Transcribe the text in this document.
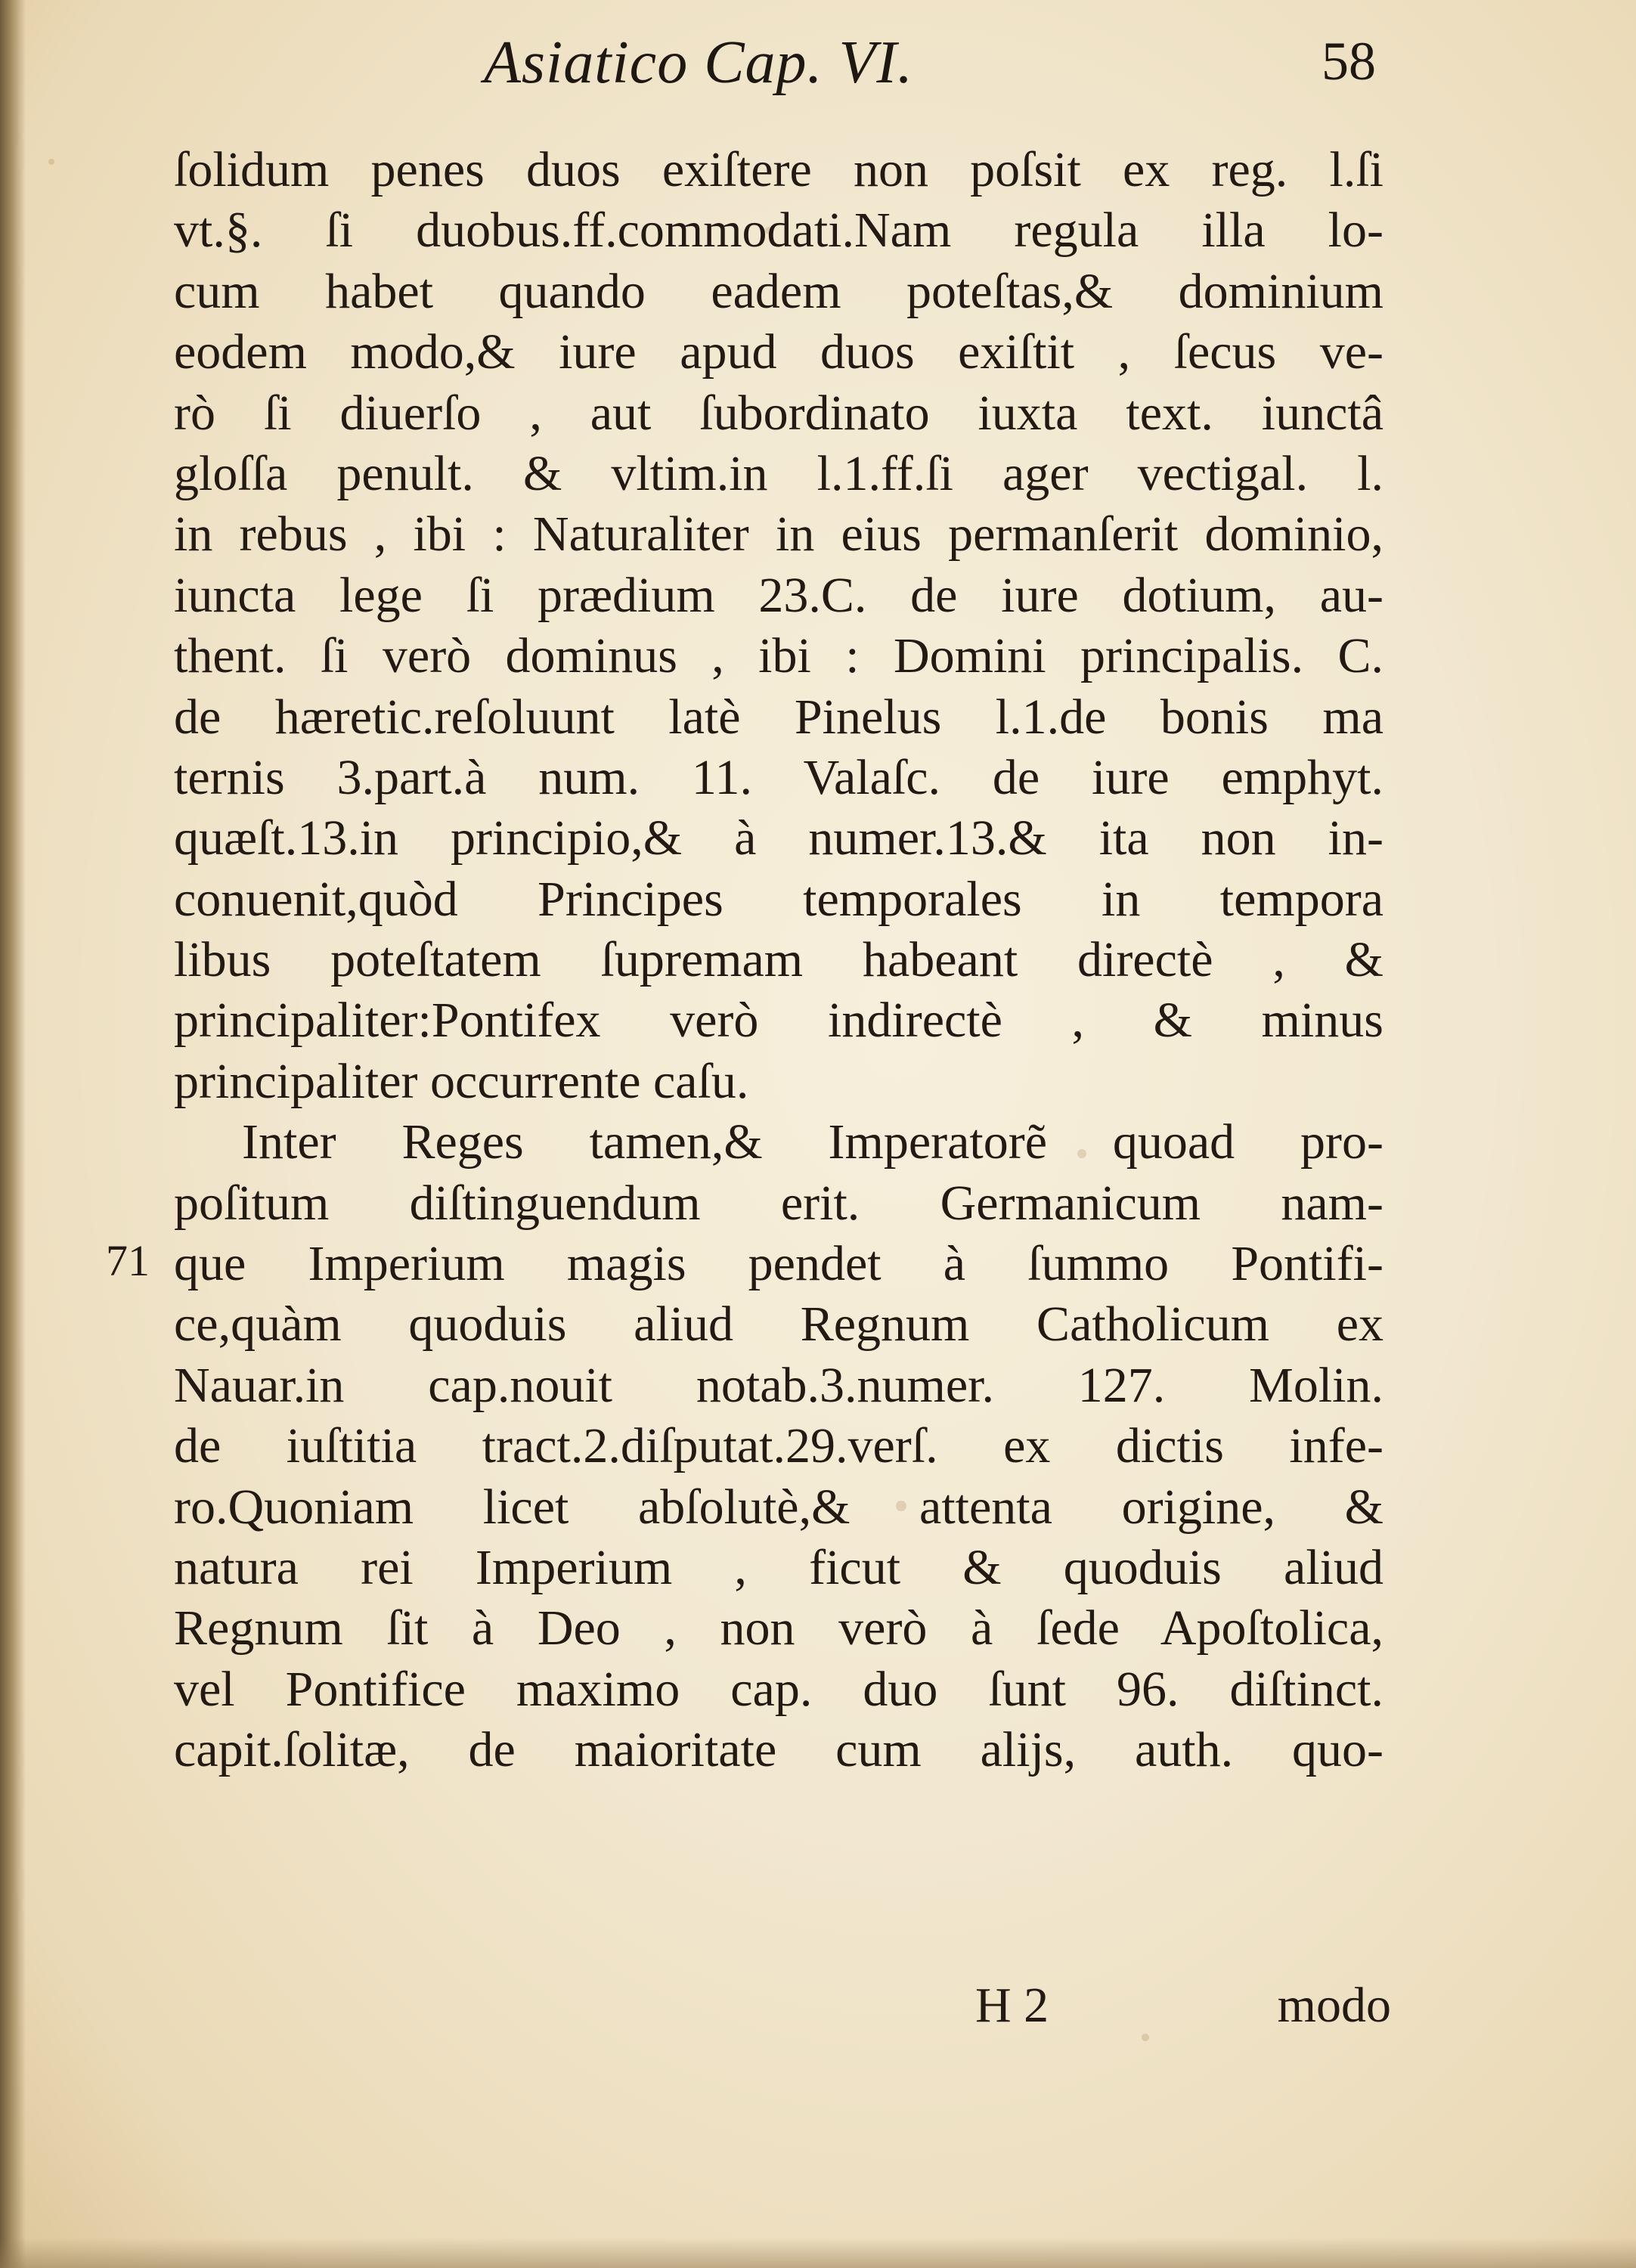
Asiatico Cap. VI.	58
71
ſolidum penes duos exiſtere non poſsit ex reg. l.ſi
vt.§. ſi duobus.ff.commodati.Nam regula illa lo-
cum habet quando eadem poteſtas,& dominium
eodem modo,& iure apud duos exiſtit , ſecus ve-
rò ſi diuerſo , aut ſubordinato iuxta text. iunctâ
gloſſa penult. & vltim.in l.1.ff.ſi ager vectigal. l.
in rebus , ibi : Naturaliter in eius permanſerit dominio,
iuncta lege ſi prædium 23.C. de iure dotium, au-
thent. ſi verò dominus , ibi : Domini principalis. C.
de hæretic.reſoluunt latè Pinelus l.1.de bonis ma
ternis 3.part.à num. 11. Valaſc. de iure emphyt.
quæſt.13.in principio,& à numer.13.& ita non in-
conuenit,quòd Principes temporales in tempora
libus poteſtatem ſupremam habeant directè , &
principaliter:Pontifex verò indirectè , & minus
principaliter occurrente caſu.
Inter Reges tamen,& Imperatorẽ quoad pro-
poſitum diſtinguendum erit. Germanicum nam-
que Imperium magis pendet à ſummo Pontifi-
ce,quàm quoduis aliud Regnum Catholicum ex
Nauar.in cap.nouit notab.3.numer. 127. Molin.
de iuſtitia tract.2.diſputat.29.verſ. ex dictis infe-
ro.Quoniam licet abſolutè,& attenta origine, &
natura rei Imperium , ficut & quoduis aliud
Regnum ſit à Deo , non verò à ſede Apoſtolica,
vel Pontifice maximo cap. duo ſunt 96. diſtinct.
capit.ſolitæ, de maioritate cum alijs, auth. quo-
H 2	modo
